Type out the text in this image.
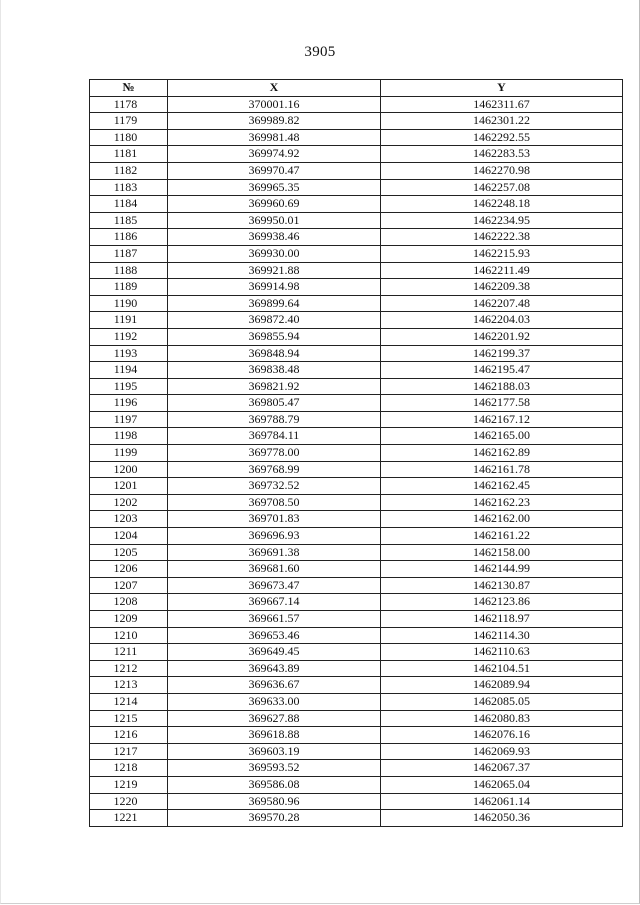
3905
№	X	Y
1178	370001.16	1462311.67
1179	369989.82	1462301.22
1180	369981.48	1462292.55
1181	369974.92	1462283.53
1182	369970.47	1462270.98
1183	369965.35	1462257.08
1184	369960.69	1462248.18
1185	369950.01	1462234.95
1186	369938.46	1462222.38
1187	369930.00	1462215.93
1188	369921.88	1462211.49
1189	369914.98	1462209.38
1190	369899.64	1462207.48
1191	369872.40	1462204.03
1192	369855.94	1462201.92
1193	369848.94	1462199.37
1194	369838.48	1462195.47
1195	369821.92	1462188.03
1196	369805.47	1462177.58
1197	369788.79	1462167.12
1198	369784.11	1462165.00
1199	369778.00	1462162.89
1200	369768.99	1462161.78
1201	369732.52	1462162.45
1202	369708.50	1462162.23
1203	369701.83	1462162.00
1204	369696.93	1462161.22
1205	369691.38	1462158.00
1206	369681.60	1462144.99
1207	369673.47	1462130.87
1208	369667.14	1462123.86
1209	369661.57	1462118.97
1210	369653.46	1462114.30
1211	369649.45	1462110.63
1212	369643.89	1462104.51
1213	369636.67	1462089.94
1214	369633.00	1462085.05
1215	369627.88	1462080.83
1216	369618.88	1462076.16
1217	369603.19	1462069.93
1218	369593.52	1462067.37
1219	369586.08	1462065.04
1220	369580.96	1462061.14
1221	369570.28	1462050.36
